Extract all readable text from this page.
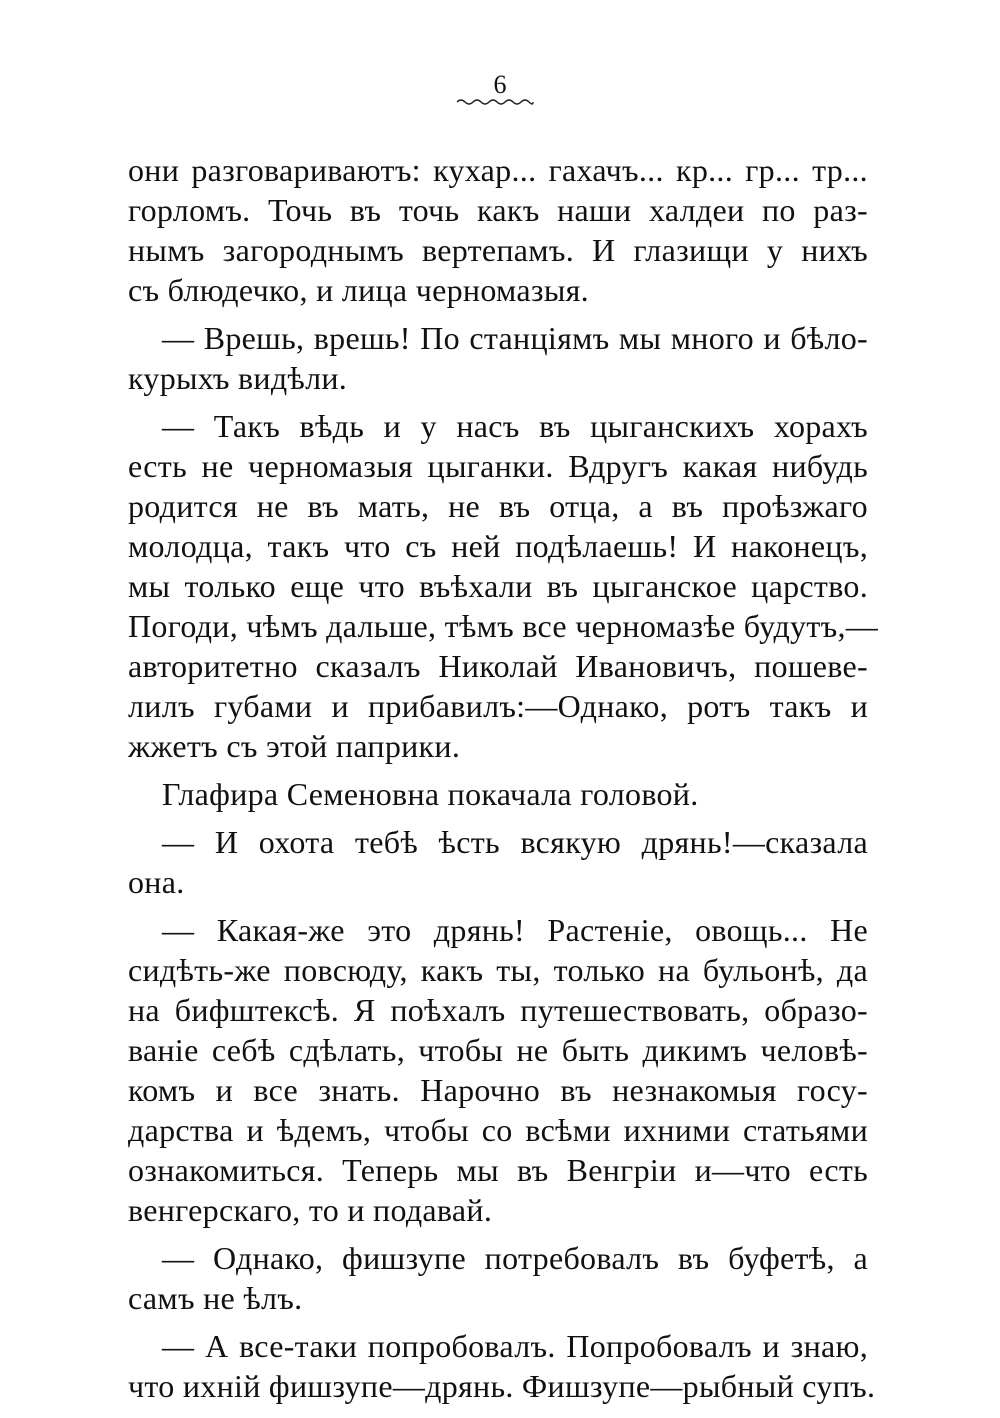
6
они разговариваютъ: кухар... гахачъ... кр... гр... тр...
горломъ. Точь въ точь какъ наши халдеи по раз-
нымъ загороднымъ вертепамъ. И глазищи у нихъ
съ блюдечко, и лица черномазыя.
— Врешь, врешь! По станціямъ мы много и бѣло-
курыхъ видѣли.
— Такъ вѣдь и у насъ въ цыганскихъ хорахъ
есть не черномазыя цыганки. Вдругъ какая нибудь
родится не въ мать, не въ отца, а въ проѣзжаго
молодца, такъ что съ ней подѣлаешь! И наконецъ,
мы только еще что въѣхали въ цыганское царство.
Погоди, чѣмъ дальше, тѣмъ все черномазѣе будутъ,—
авторитетно сказалъ Николай Ивановичъ, пошеве-
лилъ губами и прибавилъ:—Однако, ротъ такъ и
жжетъ съ этой паприки.
Глафира Семеновна покачала головой.
— И охота тебѣ ѣсть всякую дрянь!—сказала
она.
— Какая-же это дрянь! Растеніе, овощь... Не
сидѣть-же повсюду, какъ ты, только на бульонѣ, да
на бифштексѣ. Я поѣхалъ путешествовать, образо-
ваніе себѣ сдѣлать, чтобы не быть дикимъ человѣ-
комъ и все знать. Нарочно въ незнакомыя госу-
дарства и ѣдемъ, чтобы со всѣми ихними статьями
ознакомиться. Теперь мы въ Венгріи и—что есть
венгерскаго, то и подавай.
— Однако, фишзупе потребовалъ въ буфетѣ, а
самъ не ѣлъ.
— А все-таки попробовалъ. Попробовалъ и знаю,
что ихній фишзупе—дрянь. Фишзупе—рыбный супъ.
